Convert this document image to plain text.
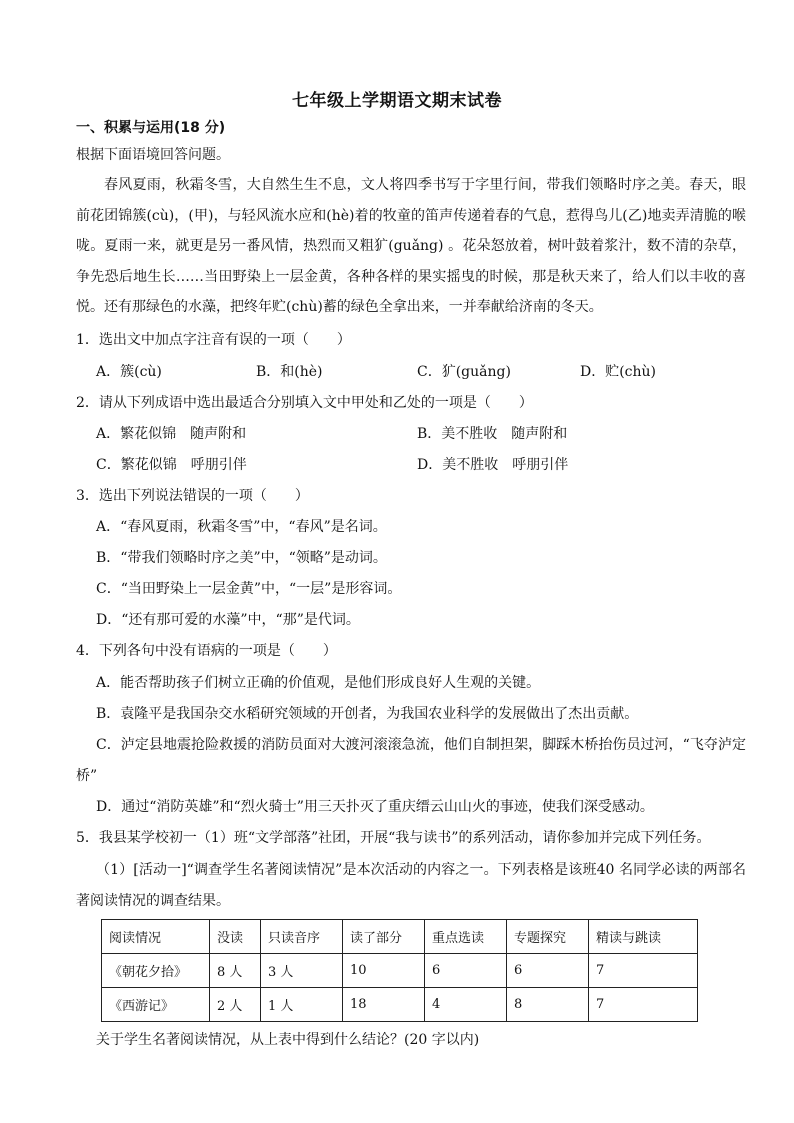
七年级上学期语文期末试卷
一、积累与运用(18 分)
根据下面语境回答问题。
春风夏雨，秋霜冬雪，大自然生生不息，文人将四季书写于字里行间，带我们领略时序之美。春天，眼前花团锦簇(cù)，(甲)，与轻风流水应和(hè)着的牧童的笛声传递着春的气息，惹得鸟儿(乙)地卖弄清脆的喉咙。夏雨一来，就更是另一番风情，热烈而又粗犷(guǎng) 。花朵怒放着，树叶鼓着浆汁，数不清的杂草，争先恐后地生长……当田野染上一层金黄，各种各样的果实摇曳的时候，那是秋天来了，给人们以丰收的喜悦。还有那绿色的水藻，把终年贮(chù)蓄的绿色全拿出来，一并奉献给济南的冬天。
1．选出文中加点字注音有误的一项（　　）
A．簇(cù)	B．和(hè)	C．犷(guǎng)	D．贮(chù)
2．请从下列成语中选出最适合分别填入文中甲处和乙处的一项是（　　）
A．繁花似锦　随声附和	B．美不胜收　随声附和
C．繁花似锦　呼朋引伴	D．美不胜收　呼朋引伴
3．选出下列说法错误的一项（　　）
A．“春风夏雨，秋霜冬雪”中，“春风”是名词。
B．“带我们领略时序之美”中，“领略”是动词。
C．“当田野染上一层金黄”中，“一层”是形容词。
D．“还有那可爱的水藻”中，“那”是代词。
4．下列各句中没有语病的一项是（　　）
A．能否帮助孩子们树立正确的价值观，是他们形成良好人生观的关键。
B．袁隆平是我国杂交水稻研究领域的开创者，为我国农业科学的发展做出了杰出贡献。
C．泸定县地震抢险救援的消防员面对大渡河滚滚急流，他们自制担架，脚踩木桥抬伤员过河，“飞夺泸定桥”
D．通过“消防英雄”和“烈火骑士”用三天扑灭了重庆缙云山山火的事迹，使我们深受感动。
5．我县某学校初一（1）班“文学部落”社团，开展“我与读书”的系列活动，请你参加并完成下列任务。
（1）[活动一]“调查学生名著阅读情况”是本次活动的内容之一。下列表格是该班40 名同学必读的两部名著阅读情况的调查结果。
阅读情况	没读	只读音序	读了部分	重点选读	专题探究	精读与跳读
《朝花夕拾》	8 人	3 人	10	6	6	7
《西游记》	2 人	1 人	18	4	8	7
关于学生名著阅读情况，从上表中得到什么结论？(20 字以内)
